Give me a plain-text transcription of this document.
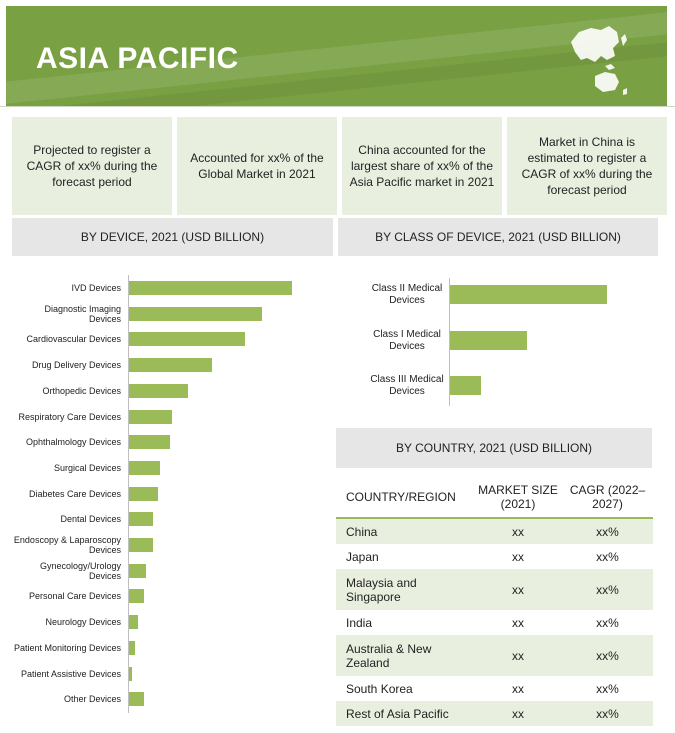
ASIA PACIFIC
Projected to register a CAGR of xx% during the forecast period
Accounted for xx% of the Global Market in 2021
China accounted for the largest share of xx% of the Asia Pacific market in 2021
Market in China is estimated to register a CAGR of xx% during the forecast period
BY DEVICE, 2021 (USD BILLION)	BY CLASS OF DEVICE, 2021 (USD BILLION)
BY COUNTRY, 2021 (USD BILLION)
IVD Devices
Diagnostic Imaging Devices
Cardiovascular Devices
Drug Delivery Devices
Orthopedic Devices
Respiratory Care Devices
Ophthalmology Devices
Surgical Devices
Diabetes Care Devices
Dental Devices
Endoscopy & Laparoscopy Devices
Gynecology/Urology Devices
Personal Care Devices
Neurology Devices
Patient Monitoring Devices
Patient Assistive Devices
Other Devices
Class II Medical Devices
Class I Medical Devices
Class III Medical Devices
COUNTRY/REGION	MARKET SIZE (2021)	CAGR (2022–2027)
China	xx	xx%
Japan	xx	xx%
Malaysia and Singapore	xx	xx%
India	xx	xx%
Australia & New Zealand	xx	xx%
South Korea	xx	xx%
Rest of Asia Pacific	xx	xx%
